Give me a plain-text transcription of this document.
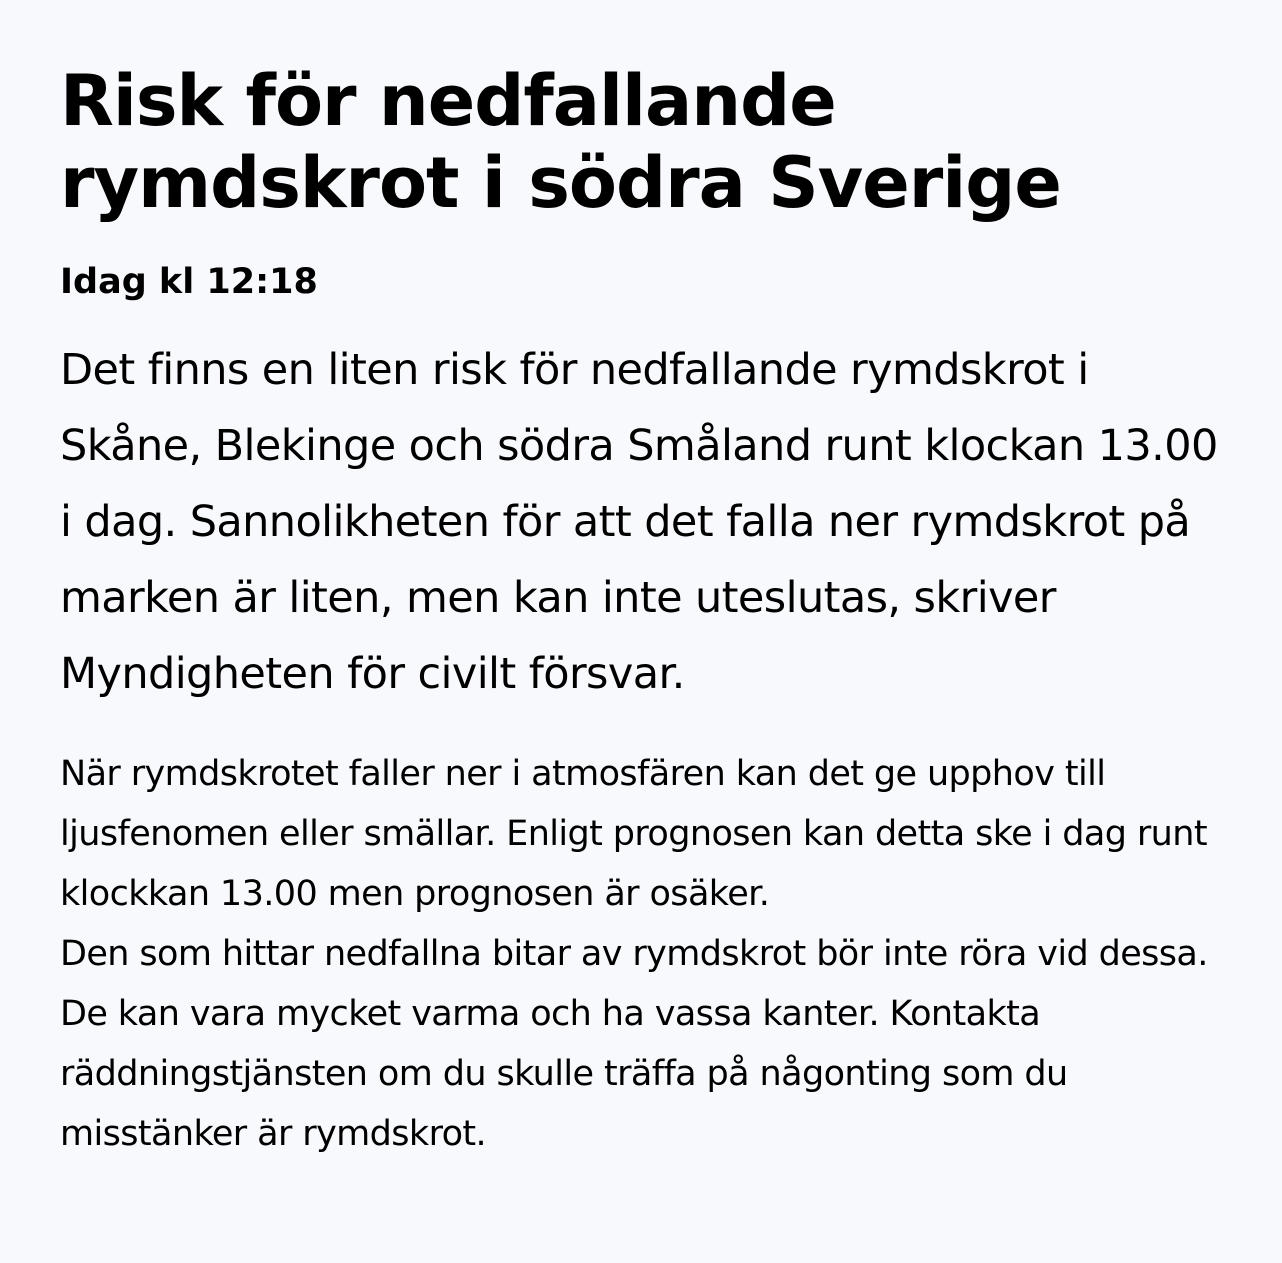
Risk för nedfallande rymdskrot i södra Sverige
Idag kl 12:18
Det finns en liten risk för nedfallande rymdskrot i Skåne, Blekinge och södra Småland runt klockan 13.00 i dag. Sannolikheten för att det falla ner rymdskrot på marken är liten, men kan inte uteslutas, skriver Myndigheten för civilt försvar.

När rymdskrotet faller ner i atmosfären kan det ge upphov till ljusfenomen eller smällar. Enligt prognosen kan detta ske i dag runt klockkan 13.00 men prognosen är osäker.

Den som hittar nedfallna bitar av rymdskrot bör inte röra vid dessa. De kan vara mycket varma och ha vassa kanter. Kontakta räddningstjänsten om du skulle träffa på någonting som du misstänker är rymdskrot.
